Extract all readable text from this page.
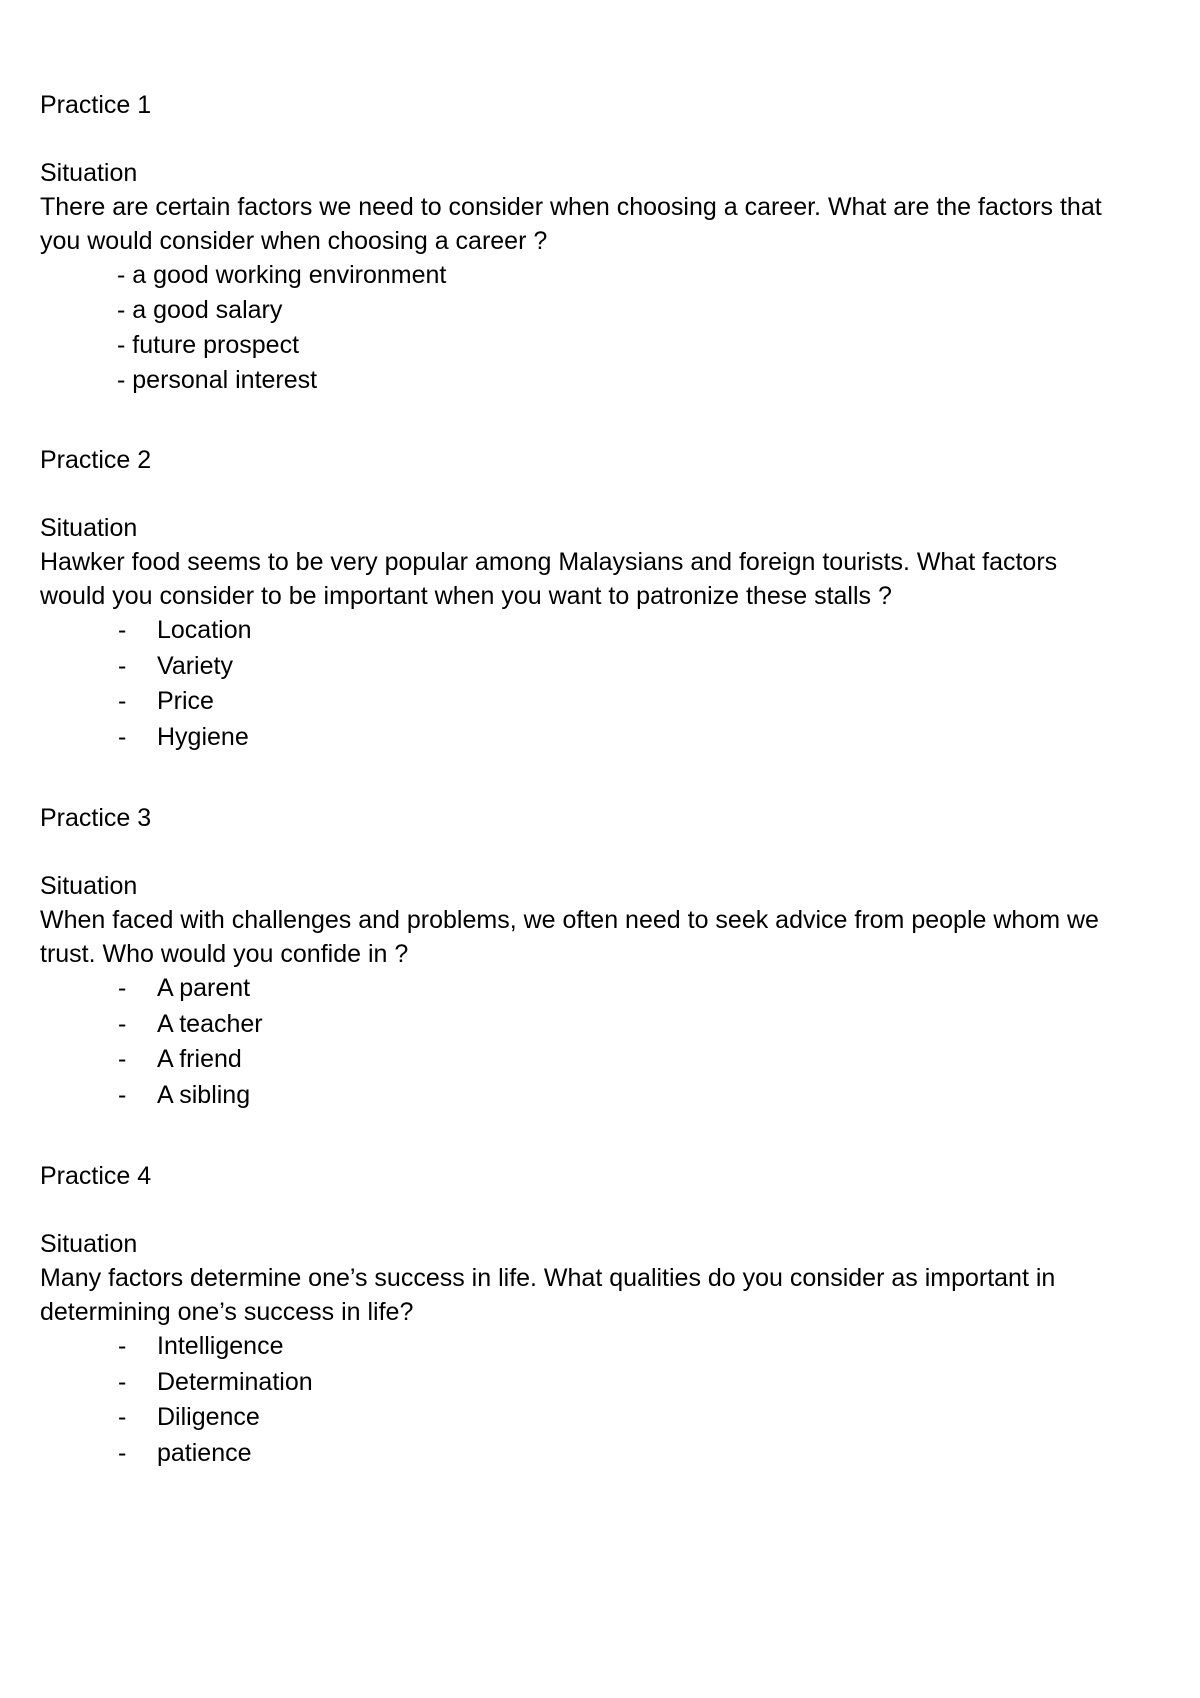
Practice 1

Situation

There are certain factors we need to consider when choosing a career. What are the factors that you would consider when choosing a career ?

- a good working environment
- a good salary
- future prospect
- personal interest

Practice 2

Situation

Hawker food seems to be very popular among Malaysians and foreign tourists. What factors would you consider to be important when you want to patronize these stalls ?

- Location
- Variety
- Price
- Hygiene

Practice 3

Situation

When faced with challenges and problems, we often need to seek advice from people whom we trust. Who would you confide in ?

- A parent
- A teacher
- A friend
- A sibling

Practice 4

Situation

Many factors determine one’s success in life. What qualities do you consider as important in determining one’s success in life?

- Intelligence
- Determination
- Diligence
- patience
